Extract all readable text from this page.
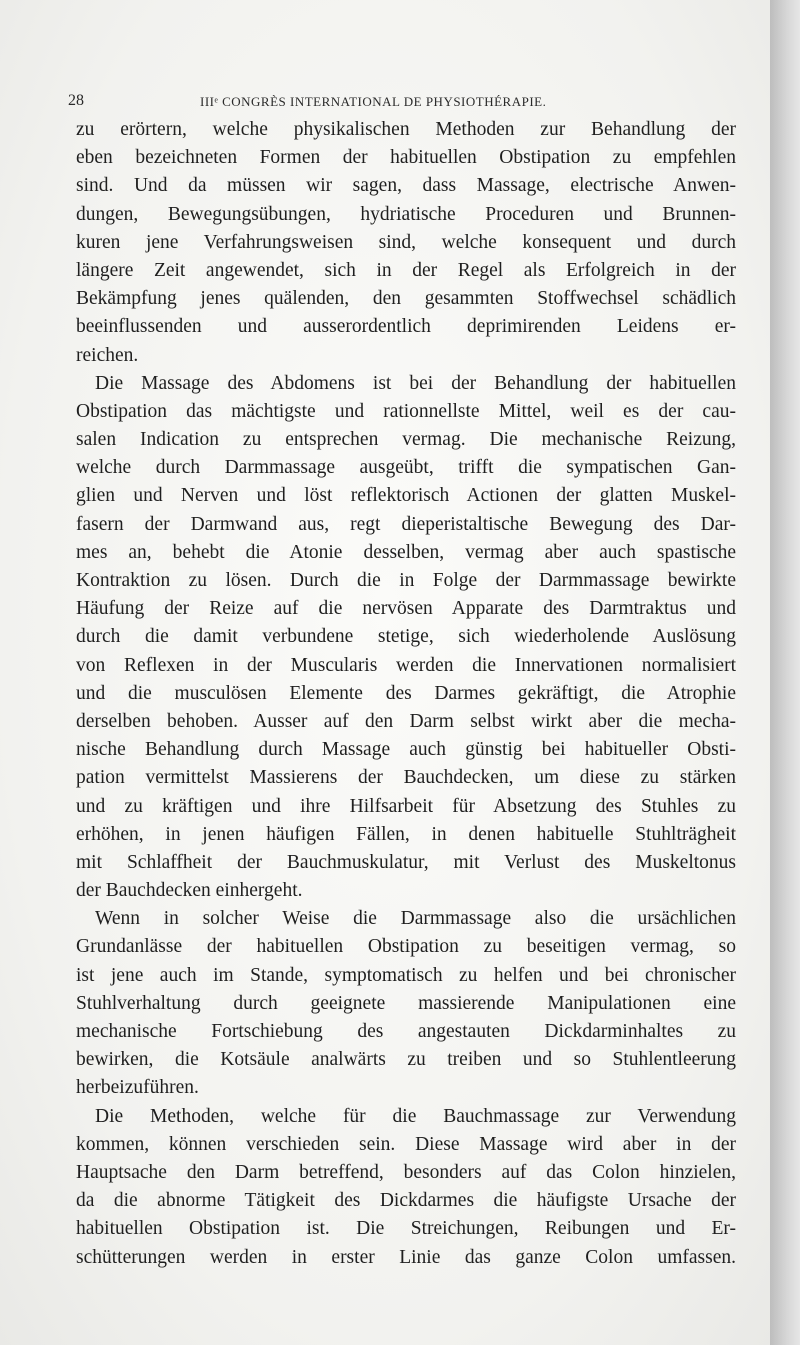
28	IIIᵉ CONGRÈS INTERNATIONAL DE PHYSIOTHÉRAPIE.
zu erörtern, welche physikalischen Methoden zur Behandlung der
eben bezeichneten Formen der habituellen Obstipation zu empfehlen
sind. Und da müssen wir sagen, dass Massage, electrische Anwen-
dungen, Bewegungsübungen, hydriatische Proceduren und Brunnen-
kuren jene Verfahrungsweisen sind, welche konsequent und durch
längere Zeit angewendet, sich in der Regel als Erfolgreich in der
Bekämpfung jenes quälenden, den gesammten Stoffwechsel schädlich
beeinflussenden und ausserordentlich deprimirenden Leidens er-
reichen.
Die Massage des Abdomens ist bei der Behandlung der habituellen
Obstipation das mächtigste und rationnellste Mittel, weil es der cau-
salen Indication zu entsprechen vermag. Die mechanische Reizung,
welche durch Darmmassage ausgeübt, trifft die sympatischen Gan-
glien und Nerven und löst reflektorisch Actionen der glatten Muskel-
fasern der Darmwand aus, regt dieperistaltische Bewegung des Dar-
mes an, behebt die Atonie desselben, vermag aber auch spastische
Kontraktion zu lösen. Durch die in Folge der Darmmassage bewirkte
Häufung der Reize auf die nervösen Apparate des Darmtraktus und
durch die damit verbundene stetige, sich wiederholende Auslösung
von Reflexen in der Muscularis werden die Innervationen normalisiert
und die musculösen Elemente des Darmes gekräftigt, die Atrophie
derselben behoben. Ausser auf den Darm selbst wirkt aber die mecha-
nische Behandlung durch Massage auch günstig bei habitueller Obsti-
pation vermittelst Massierens der Bauchdecken, um diese zu stärken
und zu kräftigen und ihre Hilfsarbeit für Absetzung des Stuhles zu
erhöhen, in jenen häufigen Fällen, in denen habituelle Stuhlträgheit
mit Schlaffheit der Bauchmuskulatur, mit Verlust des Muskeltonus
der Bauchdecken einhergeht.
Wenn in solcher Weise die Darmmassage also die ursächlichen
Grundanlässe der habituellen Obstipation zu beseitigen vermag, so
ist jene auch im Stande, symptomatisch zu helfen und bei chronischer
Stuhlverhaltung durch geeignete massierende Manipulationen eine
mechanische Fortschiebung des angestauten Dickdarminhaltes zu
bewirken, die Kotsäule analwärts zu treiben und so Stuhlentleerung
herbeizuführen.
Die Methoden, welche für die Bauchmassage zur Verwendung
kommen, können verschieden sein. Diese Massage wird aber in der
Hauptsache den Darm betreffend, besonders auf das Colon hinzielen,
da die abnorme Tätigkeit des Dickdarmes die häufigste Ursache der
habituellen Obstipation ist. Die Streichungen, Reibungen und Er-
schütterungen werden in erster Linie das ganze Colon umfassen.
